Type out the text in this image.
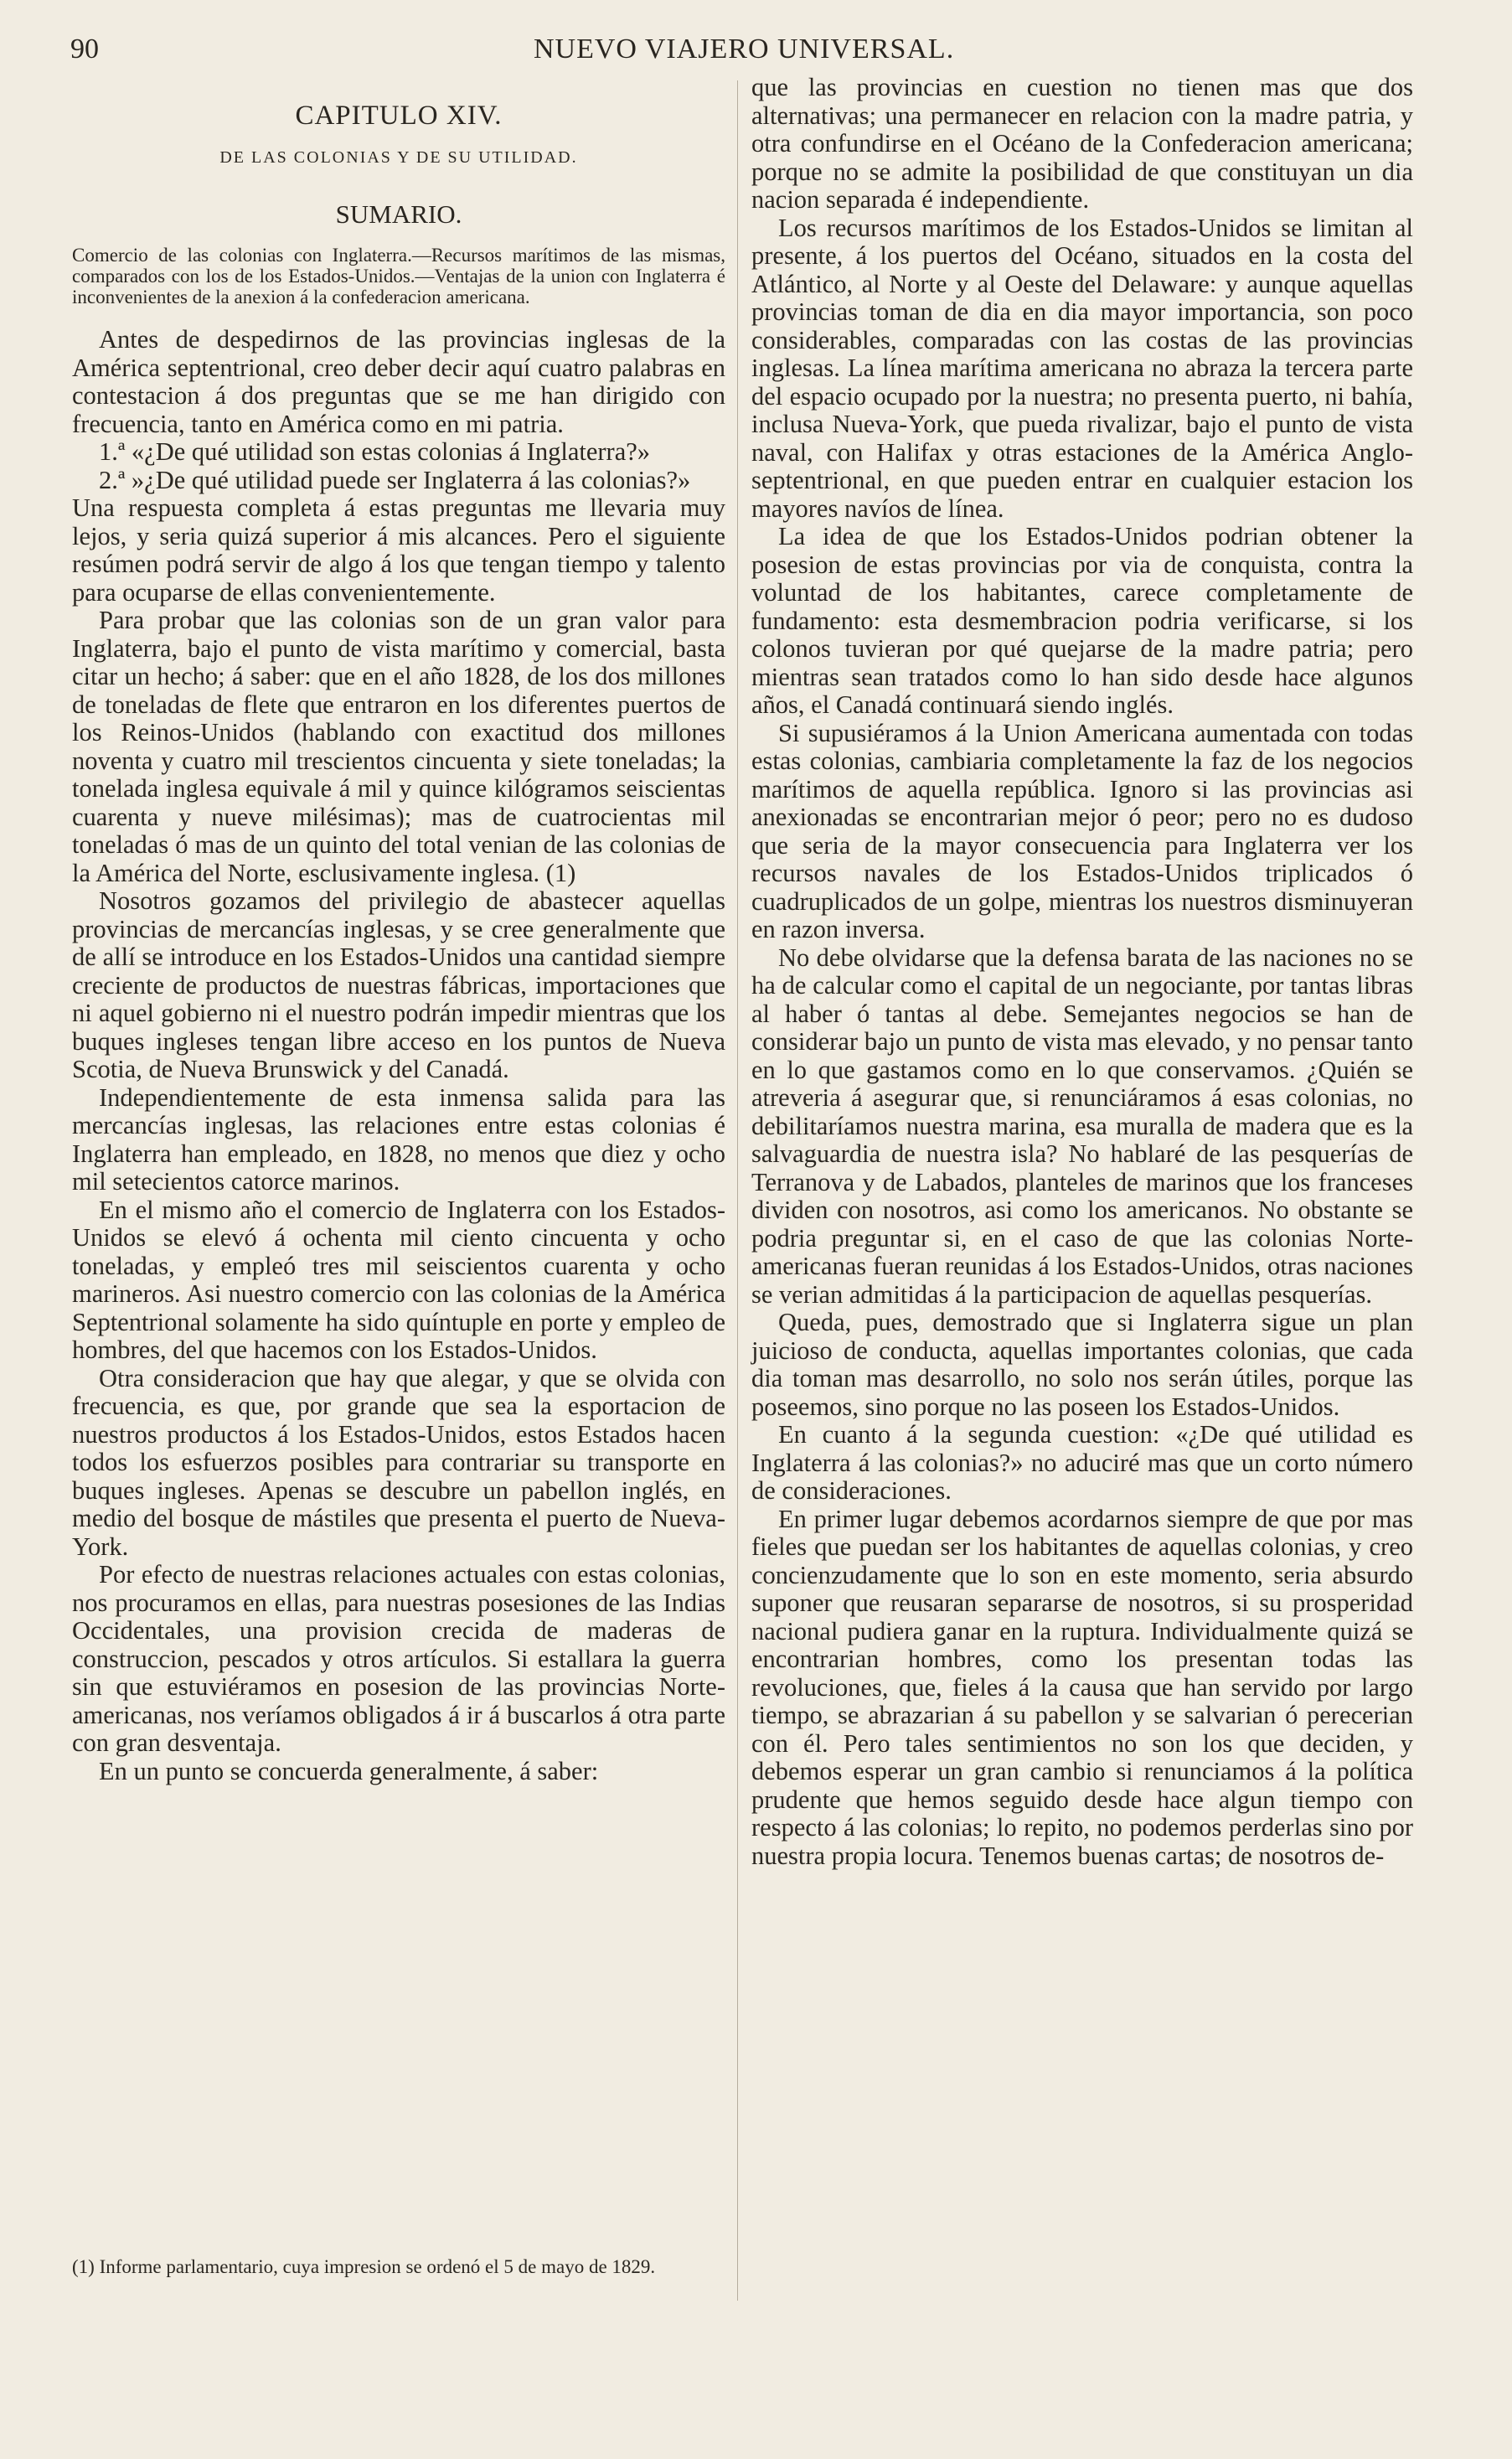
90	NUEVO VIAJERO UNIVERSAL.
CAPITULO XIV.
DE LAS COLONIAS Y DE SU UTILIDAD.
SUMARIO.
Comercio de las colonias con Inglaterra.—Recursos marítimos de las mismas, comparados con los de los Estados-Unidos.—Ventajas de la union con Inglaterra é inconvenientes de la anexion á la confederacion americana.

Antes de despedirnos de las provincias inglesas de la América septentrional, creo deber decir aquí cuatro palabras en contestacion á dos preguntas que se me han dirigido con frecuencia, tanto en América como en mi patria.

1.ª «¿De qué utilidad son estas colonias á Inglaterra?»

2.ª »¿De qué utilidad puede ser Inglaterra á las colonias?»

Una respuesta completa á estas preguntas me llevaria muy lejos, y seria quizá superior á mis alcances. Pero el siguiente resúmen podrá servir de algo á los que tengan tiempo y talento para ocuparse de ellas convenientemente.

Para probar que las colonias son de un gran valor para Inglaterra, bajo el punto de vista marítimo y comercial, basta citar un hecho; á saber: que en el año 1828, de los dos millones de toneladas de flete que entraron en los diferentes puertos de los Reinos-Unidos (hablando con exactitud dos millones noventa y cuatro mil trescientos cincuenta y siete toneladas; la tonelada inglesa equivale á mil y quince kilógramos seiscientas cuarenta y nueve milésimas); mas de cuatrocientas mil toneladas ó mas de un quinto del total venian de las colonias de la América del Norte, esclusivamente inglesa. (1)

Nosotros gozamos del privilegio de abastecer aquellas provincias de mercancías inglesas, y se cree generalmente que de allí se introduce en los Estados-Unidos una cantidad siempre creciente de productos de nuestras fábricas, importaciones que ni aquel gobierno ni el nuestro podrán impedir mientras que los buques ingleses tengan libre acceso en los puntos de Nueva Scotia, de Nueva Brunswick y del Canadá.

Independientemente de esta inmensa salida para las mercancías inglesas, las relaciones entre estas colonias é Inglaterra han empleado, en 1828, no menos que diez y ocho mil setecientos catorce marinos.

En el mismo año el comercio de Inglaterra con los Estados-Unidos se elevó á ochenta mil ciento cincuenta y ocho toneladas, y empleó tres mil seiscientos cuarenta y ocho marineros. Asi nuestro comercio con las colonias de la América Septentrional solamente ha sido quíntuple en porte y empleo de hombres, del que hacemos con los Estados-Unidos.

Otra consideracion que hay que alegar, y que se olvida con frecuencia, es que, por grande que sea la esportacion de nuestros productos á los Estados-Unidos, estos Estados hacen todos los esfuerzos posibles para contrariar su transporte en buques ingleses. Apenas se descubre un pabellon inglés, en medio del bosque de mástiles que presenta el puerto de Nueva-York.

Por efecto de nuestras relaciones actuales con estas colonias, nos procuramos en ellas, para nuestras posesiones de las Indias Occidentales, una provision crecida de maderas de construccion, pescados y otros artículos. Si estallara la guerra sin que estuviéramos en posesion de las provincias Norte-americanas, nos veríamos obligados á ir á buscarlos á otra parte con gran desventaja.

En un punto se concuerda generalmente, á saber:

(1) Informe parlamentario, cuya impresion se ordenó el 5 de mayo de 1829.

que las provincias en cuestion no tienen mas que dos alternativas; una permanecer en relacion con la madre patria, y otra confundirse en el Océano de la Confederacion americana; porque no se admite la posibilidad de que constituyan un dia nacion separada é independiente.

Los recursos marítimos de los Estados-Unidos se limitan al presente, á los puertos del Océano, situados en la costa del Atlántico, al Norte y al Oeste del Delaware: y aunque aquellas provincias toman de dia en dia mayor importancia, son poco considerables, comparadas con las costas de las provincias inglesas. La línea marítima americana no abraza la tercera parte del espacio ocupado por la nuestra; no presenta puerto, ni bahía, inclusa Nueva-York, que pueda rivalizar, bajo el punto de vista naval, con Halifax y otras estaciones de la América Anglo-septentrional, en que pueden entrar en cualquier estacion los mayores navíos de línea.

La idea de que los Estados-Unidos podrian obtener la posesion de estas provincias por via de conquista, contra la voluntad de los habitantes, carece completamente de fundamento: esta desmembracion podria verificarse, si los colonos tuvieran por qué quejarse de la madre patria; pero mientras sean tratados como lo han sido desde hace algunos años, el Canadá continuará siendo inglés.

Si supusiéramos á la Union Americana aumentada con todas estas colonias, cambiaria completamente la faz de los negocios marítimos de aquella república. Ignoro si las provincias asi anexionadas se encontrarian mejor ó peor; pero no es dudoso que seria de la mayor consecuencia para Inglaterra ver los recursos navales de los Estados-Unidos triplicados ó cuadruplicados de un golpe, mientras los nuestros disminuyeran en razon inversa.

No debe olvidarse que la defensa barata de las naciones no se ha de calcular como el capital de un negociante, por tantas libras al haber ó tantas al debe. Semejantes negocios se han de considerar bajo un punto de vista mas elevado, y no pensar tanto en lo que gastamos como en lo que conservamos. ¿Quién se atreveria á asegurar que, si renunciáramos á esas colonias, no debilitaríamos nuestra marina, esa muralla de madera que es la salvaguardia de nuestra isla? No hablaré de las pesquerías de Terranova y de Labados, planteles de marinos que los franceses dividen con nosotros, asi como los americanos. No obstante se podria preguntar si, en el caso de que las colonias Norte-americanas fueran reunidas á los Estados-Unidos, otras naciones se verian admitidas á la participacion de aquellas pesquerías.

Queda, pues, demostrado que si Inglaterra sigue un plan juicioso de conducta, aquellas importantes colonias, que cada dia toman mas desarrollo, no solo nos serán útiles, porque las poseemos, sino porque no las poseen los Estados-Unidos.

En cuanto á la segunda cuestion: «¿De qué utilidad es Inglaterra á las colonias?» no aduciré mas que un corto número de consideraciones.

En primer lugar debemos acordarnos siempre de que por mas fieles que puedan ser los habitantes de aquellas colonias, y creo concienzudamente que lo son en este momento, seria absurdo suponer que reusaran separarse de nosotros, si su prosperidad nacional pudiera ganar en la ruptura. Individualmente quizá se encontrarian hombres, como los presentan todas las revoluciones, que, fieles á la causa que han servido por largo tiempo, se abrazarian á su pabellon y se salvarian ó perecerian con él. Pero tales sentimientos no son los que deciden, y debemos esperar un gran cambio si renunciamos á la política prudente que hemos seguido desde hace algun tiempo con respecto á las colonias; lo repito, no podemos perderlas sino por nuestra propia locura. Tenemos buenas cartas; de nosotros de-
